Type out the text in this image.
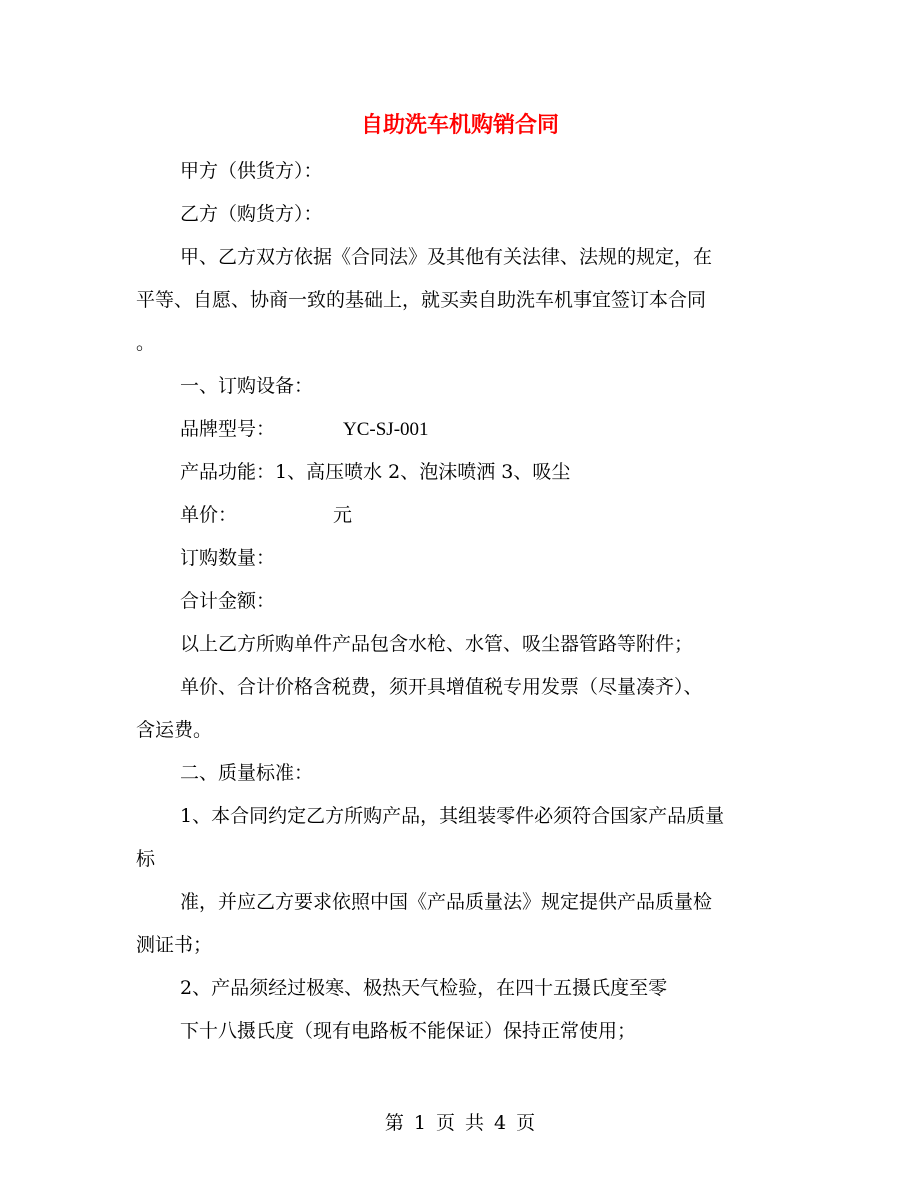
自助洗车机购销合同
甲方（供货方）：
乙方（购货方）：
甲、乙方双方依据《合同法》及其他有关法律、法规的规定，在
平等、自愿、协商一致的基础上，就买卖自助洗车机事宜签订本合同
。
一、订购设备：
品牌型号：	YC-SJ-001
产品功能：1、高压喷水 2、泡沫喷洒 3、吸尘
单价：	元
订购数量：
合计金额：
以上乙方所购单件产品包含水枪、水管、吸尘器管路等附件；
单价、合计价格含税费，须开具增值税专用发票（尽量凑齐）、
含运费。
二、质量标准：
1、本合同约定乙方所购产品，其组装零件必须符合国家产品质量
标
准，并应乙方要求依照中国《产品质量法》规定提供产品质量检
测证书；
2、产品须经过极寒、极热天气检验，在四十五摄氏度至零
下十八摄氏度（现有电路板不能保证）保持正常使用；
第 1 页 共 4 页
